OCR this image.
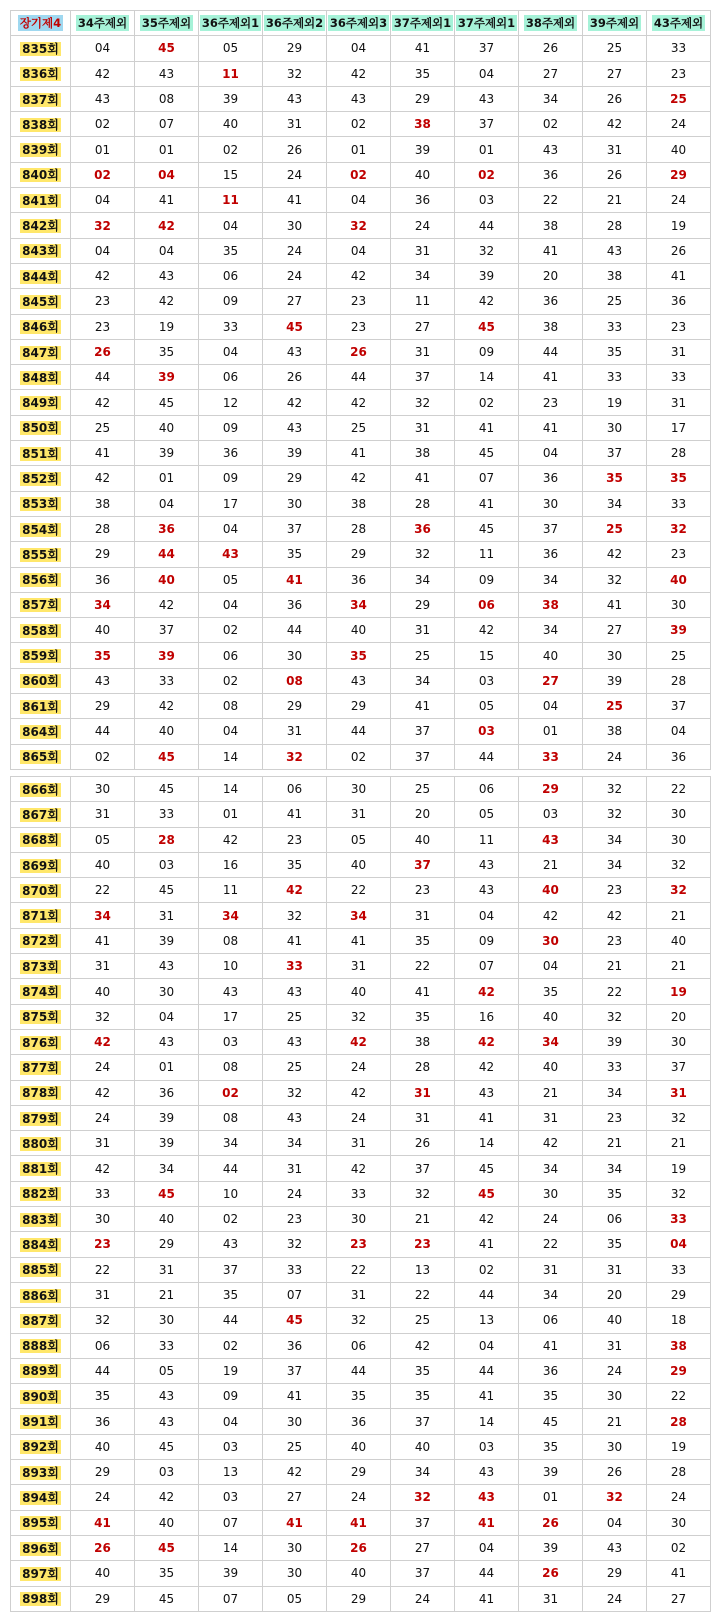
장기제4	34주제외	35주제외	36주제외1	36주제외2	36주제외3	37주제외1	37주제외1	38주제외	39주제외	43주제외
835회	04	45	05	29	04	41	37	26	25	33
836회	42	43	11	32	42	35	04	27	27	23
837회	43	08	39	43	43	29	43	34	26	25
838회	02	07	40	31	02	38	37	02	42	24
839회	01	01	02	26	01	39	01	43	31	40
840회	02	04	15	24	02	40	02	36	26	29
841회	04	41	11	41	04	36	03	22	21	24
842회	32	42	04	30	32	24	44	38	28	19
843회	04	04	35	24	04	31	32	41	43	26
844회	42	43	06	24	42	34	39	20	38	41
845회	23	42	09	27	23	11	42	36	25	36
846회	23	19	33	45	23	27	45	38	33	23
847회	26	35	04	43	26	31	09	44	35	31
848회	44	39	06	26	44	37	14	41	33	33
849회	42	45	12	42	42	32	02	23	19	31
850회	25	40	09	43	25	31	41	41	30	17
851회	41	39	36	39	41	38	45	04	37	28
852회	42	01	09	29	42	41	07	36	35	35
853회	38	04	17	30	38	28	41	30	34	33
854회	28	36	04	37	28	36	45	37	25	32
855회	29	44	43	35	29	32	11	36	42	23
856회	36	40	05	41	36	34	09	34	32	40
857회	34	42	04	36	34	29	06	38	41	30
858회	40	37	02	44	40	31	42	34	27	39
859회	35	39	06	30	35	25	15	40	30	25
860회	43	33	02	08	43	34	03	27	39	28
861회	29	42	08	29	29	41	05	04	25	37
864회	44	40	04	31	44	37	03	01	38	04
865회	02	45	14	32	02	37	44	33	24	36
866회	30	45	14	06	30	25	06	29	32	22
867회	31	33	01	41	31	20	05	03	32	30
868회	05	28	42	23	05	40	11	43	34	30
869회	40	03	16	35	40	37	43	21	34	32
870회	22	45	11	42	22	23	43	40	23	32
871회	34	31	34	32	34	31	04	42	42	21
872회	41	39	08	41	41	35	09	30	23	40
873회	31	43	10	33	31	22	07	04	21	21
874회	40	30	43	43	40	41	42	35	22	19
875회	32	04	17	25	32	35	16	40	32	20
876회	42	43	03	43	42	38	42	34	39	30
877회	24	01	08	25	24	28	42	40	33	37
878회	42	36	02	32	42	31	43	21	34	31
879회	24	39	08	43	24	31	41	31	23	32
880회	31	39	34	34	31	26	14	42	21	21
881회	42	34	44	31	42	37	45	34	34	19
882회	33	45	10	24	33	32	45	30	35	32
883회	30	40	02	23	30	21	42	24	06	33
884회	23	29	43	32	23	23	41	22	35	04
885회	22	31	37	33	22	13	02	31	31	33
886회	31	21	35	07	31	22	44	34	20	29
887회	32	30	44	45	32	25	13	06	40	18
888회	06	33	02	36	06	42	04	41	31	38
889회	44	05	19	37	44	35	44	36	24	29
890회	35	43	09	41	35	35	41	35	30	22
891회	36	43	04	30	36	37	14	45	21	28
892회	40	45	03	25	40	40	03	35	30	19
893회	29	03	13	42	29	34	43	39	26	28
894회	24	42	03	27	24	32	43	01	32	24
895회	41	40	07	41	41	37	41	26	04	30
896회	26	45	14	30	26	27	04	39	43	02
897회	40	35	39	30	40	37	44	26	29	41
898회	29	45	07	05	29	24	41	31	24	27
